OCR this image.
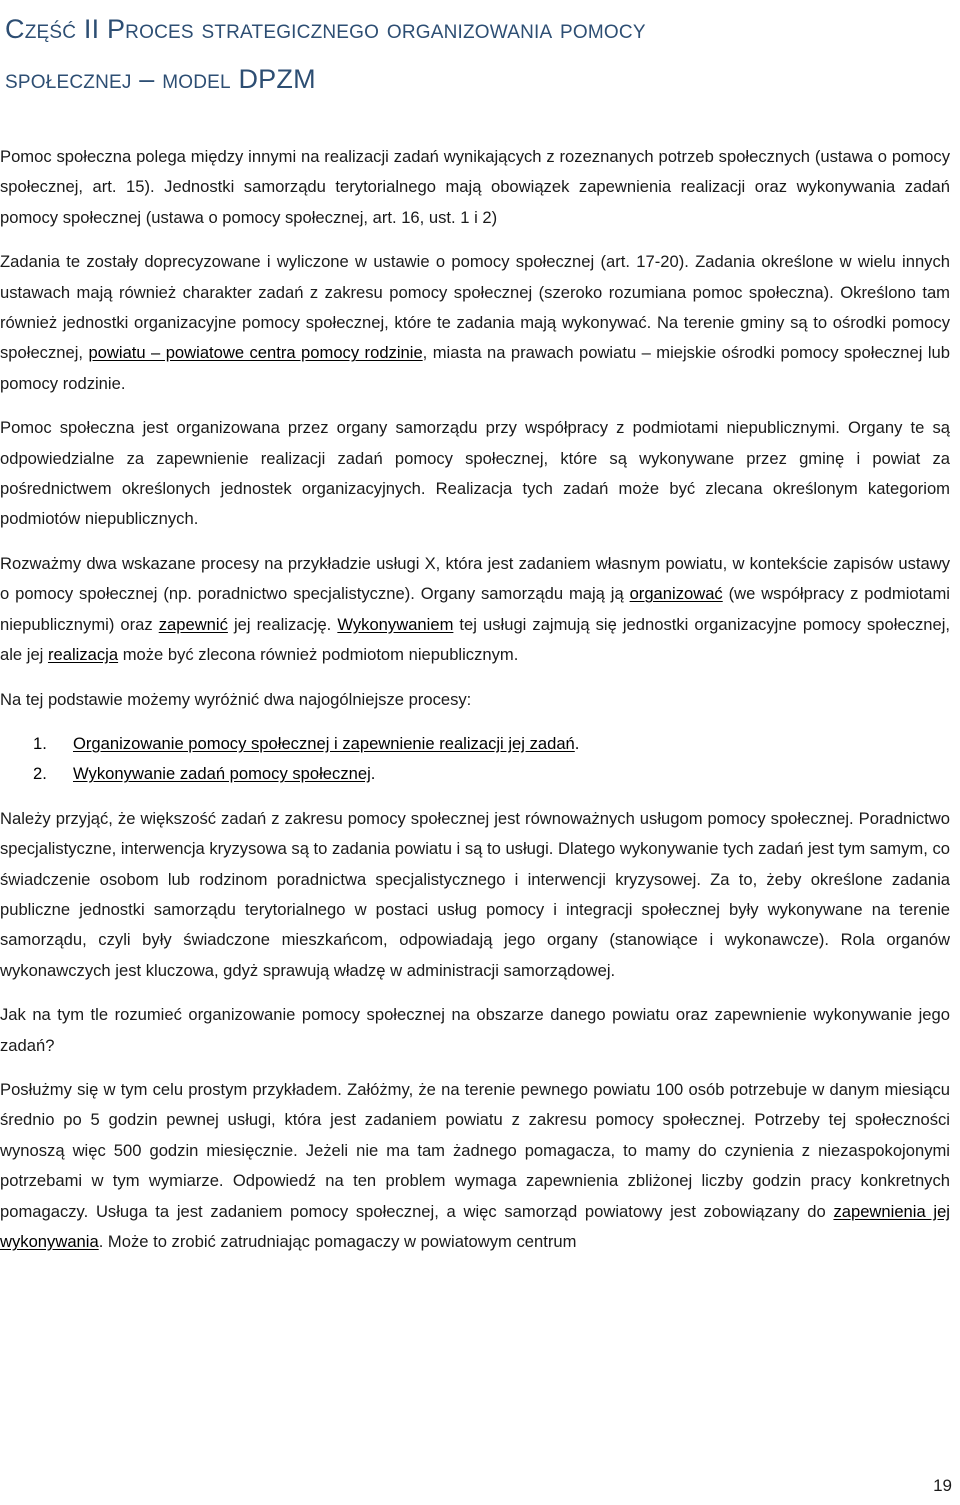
Część II Proces strategicznego organizowania pomocy
społecznej – model DPZM

Pomoc społeczna polega między innymi na realizacji zadań wynikających z rozeznanych potrzeb społecznych (ustawa o pomocy społecznej, art. 15). Jednostki samorządu terytorialnego mają obowiązek zapewnienia realizacji oraz wykonywania zadań pomocy społecznej (ustawa o pomocy społecznej, art. 16, ust. 1 i 2)

Zadania te zostały doprecyzowane i wyliczone w ustawie o pomocy społecznej (art. 17-20). Zadania określone w wielu innych ustawach mają również charakter zadań z zakresu pomocy społecznej (szeroko rozumiana pomoc społeczna). Określono tam również jednostki organizacyjne pomocy społecznej, które te zadania mają wykonywać. Na terenie gminy są to ośrodki pomocy społecznej, powiatu – powiatowe centra pomocy rodzinie, miasta na prawach powiatu – miejskie ośrodki pomocy społecznej lub pomocy rodzinie.

Pomoc społeczna jest organizowana przez organy samorządu przy współpracy z podmiotami niepublicznymi. Organy te są odpowiedzialne za zapewnienie realizacji zadań pomocy społecznej, które są wykonywane przez gminę i powiat za pośrednictwem określonych jednostek organizacyjnych. Realizacja tych zadań może być zlecana określonym kategoriom podmiotów niepublicznych.

Rozważmy dwa wskazane procesy na przykładzie usługi X, która jest zadaniem własnym powiatu, w kontekście zapisów ustawy o pomocy społecznej (np. poradnictwo specjalistyczne). Organy samorządu mają ją organizować (we współpracy z podmiotami niepublicznymi) oraz zapewnić jej realizację. Wykonywaniem tej usługi zajmują się jednostki organizacyjne pomocy społecznej, ale jej realizacja może być zlecona również podmiotom niepublicznym.

Na tej podstawie możemy wyróżnić dwa najogólniejsze procesy:

1. Organizowanie pomocy społecznej i zapewnienie realizacji jej zadań.
2. Wykonywanie zadań pomocy społecznej.

Należy przyjąć, że większość zadań z zakresu pomocy społecznej jest równoważnych usługom pomocy społecznej. Poradnictwo specjalistyczne, interwencja kryzysowa są to zadania powiatu i są to usługi. Dlatego wykonywanie tych zadań jest tym samym, co świadczenie osobom lub rodzinom poradnictwa specjalistycznego i interwencji kryzysowej. Za to, żeby określone zadania publiczne jednostki samorządu terytorialnego w postaci usług pomocy i integracji społecznej były wykonywane na terenie samorządu, czyli były świadczone mieszkańcom, odpowiadają jego organy (stanowiące i wykonawcze). Rola organów wykonawczych jest kluczowa, gdyż sprawują władzę w administracji samorządowej.

Jak na tym tle rozumieć organizowanie pomocy społecznej na obszarze danego powiatu oraz zapewnienie wykonywanie jego zadań?

Posłużmy się w tym celu prostym przykładem. Załóżmy, że na terenie pewnego powiatu 100 osób potrzebuje w danym miesiącu średnio po 5 godzin pewnej usługi, która jest zadaniem powiatu z zakresu pomocy społecznej. Potrzeby tej społeczności wynoszą więc 500 godzin miesięcznie. Jeżeli nie ma tam żadnego pomagacza, to mamy do czynienia z niezaspokojonymi potrzebami w tym wymiarze. Odpowiedź na ten problem wymaga zapewnienia zbliżonej liczby godzin pracy konkretnych pomagaczy. Usługa ta jest zadaniem pomocy społecznej, a więc samorząd powiatowy jest zobowiązany do zapewnienia jej wykonywania. Może to zrobić zatrudniając pomagaczy w powiatowym centrum

19
